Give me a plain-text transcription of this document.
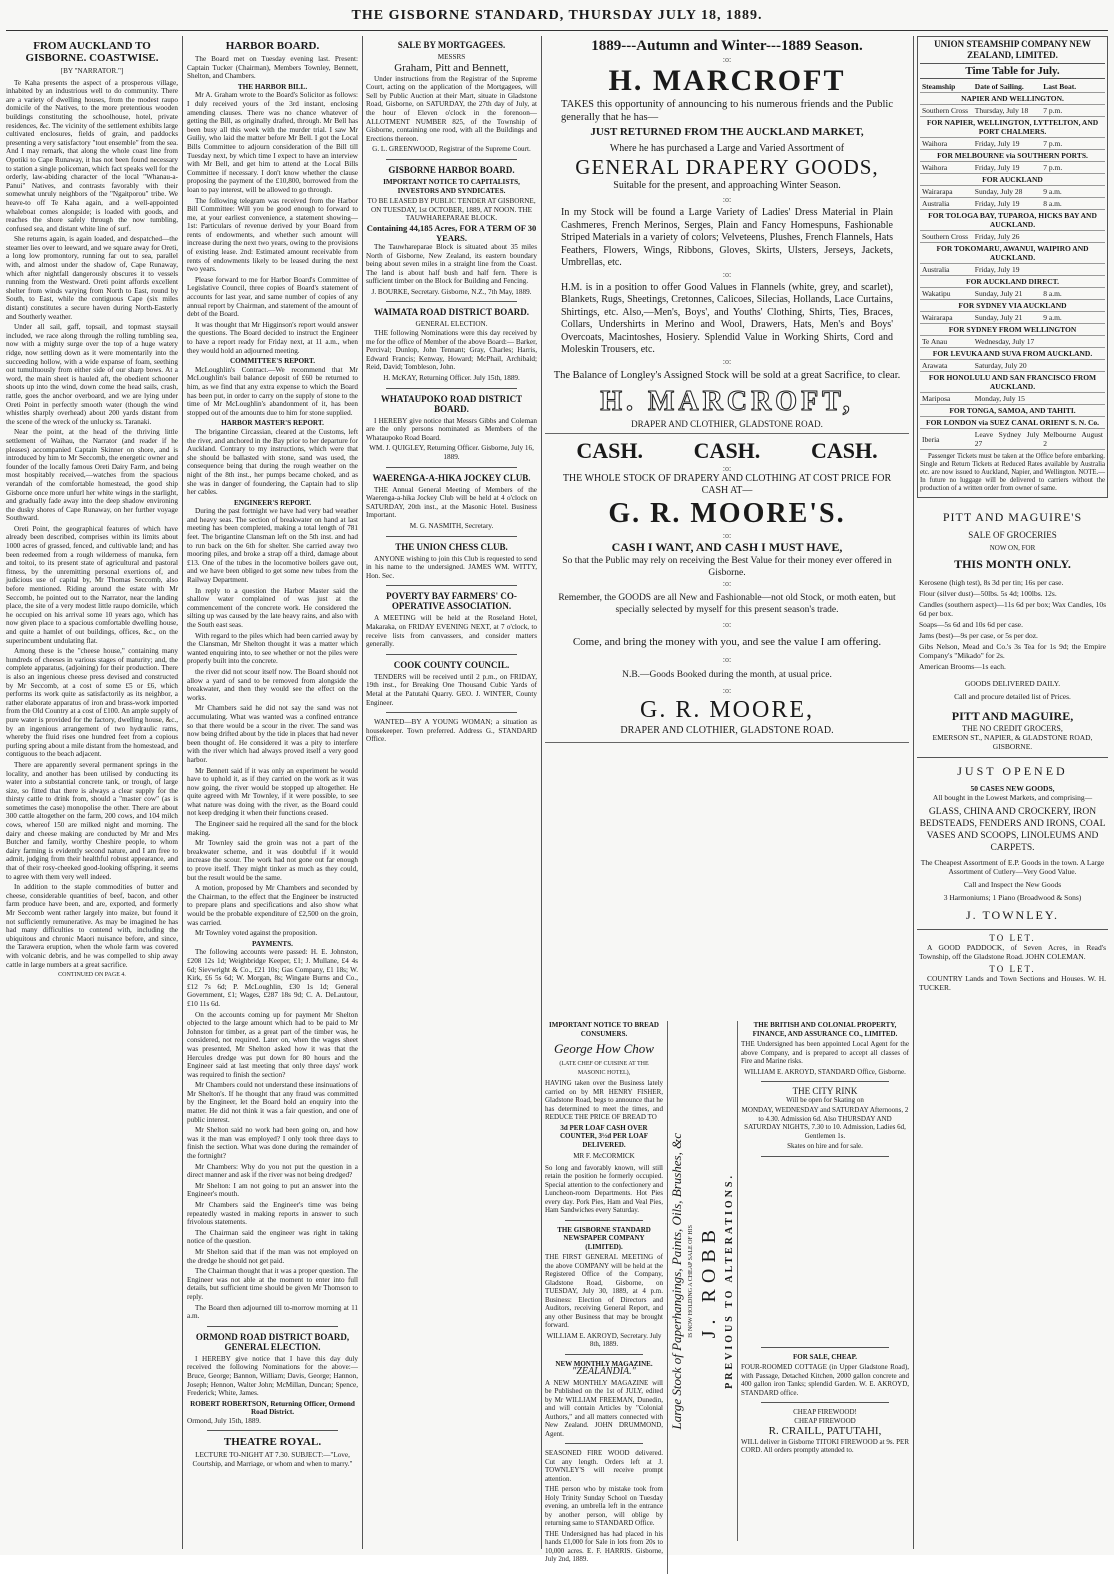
THE GISBORNE STANDARD, THURSDAY JULY 18, 1889.
FROM AUCKLAND TO GISBORNE. COASTWISE.
[BY "NARRATOR."]

Te Kaha presents the aspect of a prosperous village, inhabited by an industrious well to do community. There are a variety of dwelling houses, from the modest raupo domicile of the Natives, to the more pretentious wooden buildings constituting the schoolhouse, hotel, private residences, &c. The vicinity of the settlement exhibits large cultivated enclosures, fields of grain, and paddocks presenting a very satisfactory "tout ensemble" from the sea. And I may remark, that along the whole coast line from Opotiki to Cape Runaway, it has not been found necessary to station a single policeman, which fact speaks well for the orderly, law-abiding character of the local "Whanau-a-Panui" Natives, and contrasts favorably with their somewhat unruly neighbors of the "Ngaitporou" tribe. We heave-to off Te Kaha again, and a well-appointed whaleboat comes alongside; is loaded with goods, and reaches the shore safely through the now tumbling, confused sea, and distant white line of surf.

She returns again, is again loaded, and despatched—the steamer lies over to leeward, and we square away for Oreti, a long low promontory, running far out to sea, parallel with, and almost under the shadow of, Cape Runaway, which after nightfall dangerously obscures it to vessels running from the Westward. Oreti point affords excellent shelter from winds varying from North to East, round by South, to East, while the contiguous Cape (six miles distant) constitutes a secure haven during North-Easterly and Southerly weather.

Under all sail, gaff, topsail, and topmast staysail included, we race along through the rolling tumbling sea, now with a mighty surge over the top of a huge watery ridge, now settling down as it were momentarily into the succeeding hollow, with a wide expanse of foam, seething out tumultuously from either side of our sharp bows. At a word, the main sheet is hauled aft, the obedient schooner shoots up into the wind, down come the head sails, crash, rattle, goes the anchor overboard, and we are lying under Oreti Point in perfectly smooth water (though the wind whistles sharply overhead) about 200 yards distant from the scene of the wreck of the unlucky ss. Taranaki.

Near the point, at the head of the thriving little settlement of Waihau, the Narrator (and reader if he pleases) accompanied Captain Skinner on shore, and is introduced by him to Mr Seccomb, the energetic owner and founder of the locally famous Oreti Dairy Farm, and being most hospitably received,—watches from the spacious verandah of the comfortable homestead, the good ship Gisborne once more unfurl her white wings in the starlight, and gradually fade away into the deep shadow environing the dusky shores of Cape Runaway, on her further voyage Southward.

Oreti Point, the geographical features of which have already been described, comprises within its limits about 1000 acres of grassed, fenced, and cultivable land; and has been redeemed from a rough wilderness of manuka, fern and toitoi, to its present state of agricultural and pastoral fitness, by the unremitting personal exertions of, and judicious use of capital by, Mr Thomas Seccomb, also before mentioned. Riding around the estate with Mr Seccomb, he pointed out to the Narrator, near the landing place, the site of a very modest little raupo domicile, which he occupied on his arrival some 10 years ago, which has now given place to a spacious comfortable dwelling house, and quite a hamlet of out buildings, offices, &c., on the superincumbent undulating flat.

Among these is the "cheese house," containing many hundreds of cheeses in various stages of maturity; and, the complete apparatus, (adjoining) for their production. There is also an ingenious cheese press devised and constructed by Mr Seccomb, at a cost of some £5 or £6, which performs its work quite as satisfactorily as its neighbor, a rather elaborate apparatus of iron and brass-work imported from the Old Country at a cost of £100. An ample supply of pure water is provided for the factory, dwelling house, &c., by an ingenious arrangement of two hydraulic rams, whereby the fluid rises one hundred feet from a copious purling spring about a mile distant from the homestead, and contiguous to the beach adjacent.

There are apparently several permanent springs in the locality, and another has been utilised by conducting its water into a substantial concrete tank, or trough, of large size, so fitted that there is always a clear supply for the thirsty cattle to drink from, should a "master cow" (as is sometimes the case) monopolise the other. There are about 300 cattle altogether on the farm, 200 cows, and 104 milch cows, whereof 150 are milked night and morning. The dairy and cheese making are conducted by Mr and Mrs Butcher and family, worthy Cheshire people, to whom dairy farming is evidently second nature, and I am free to admit, judging from their healthful robust appearance, and that of their rosy-cheeked good-looking offspring, it seems to agree with them very well indeed.

In addition to the staple commodities of butter and cheese, considerable quantities of beef, bacon, and other farm produce have been, and are, exported, and formerly Mr Seccomb went rather largely into maize, but found it not sufficiently remunerative. As may be imagined he has had many difficulties to contend with, including the ubiquitous and chronic Maori nuisance before, and since, the Tarawera eruption, when the whole farm was covered with volcanic debris, and he was compelled to ship away cattle in large numbers at a great sacrifice.

CONTINUED ON PAGE 4.
HARBOR BOARD.

The Board met on Tuesday evening last. Present: Captain Tucker (Chairman), Members Townley, Bennett, Shelton, and Chambers.

THE HARBOR BILL.

Mr A. Graham wrote to the Board's Solicitor as follows: I duly received yours of the 3rd instant, enclosing amending clauses. There was no chance whatever of getting the Bill, as originally drafted, through. Mr Bell has been busy all this week with the murder trial. I saw Mr Guiliy, who laid the matter before Mr Bell. I got the Local Bills Committee to adjourn consideration of the Bill till Tuesday next, by which time I expect to have an interview with Mr Bell, and get him to attend at the Local Bills Committee if necessary. I don't know whether the clause proposing the payment of the £10,800, borrowed from the loan to pay interest, will be allowed to go through.

The following telegram was received from the Harbor Bill Committee: Will you be good enough to forward to me, at your earliest convenience, a statement showing—1st: Particulars of revenue derived by your Board from rents of endowments, and whether such amount will increase during the next two years, owing to the provisions of existing lease. 2nd: Estimated amount receivable from rents of endowments likely to be leased during the next two years.

Please forward to me for Harbor Board's Committee of Legislative Council, three copies of Board's statement of accounts for last year, and same number of copies of any annual report by Chairman, and statement of the amount of debt of the Board.

It was thought that Mr Higginson's report would answer the questions. The Board decided to instruct the Engineer to have a report ready for Friday next, at 11 a.m., when they would hold an adjourned meeting.

COMMITTEE'S REPORT.

McLoughlin's Contract.—We recommend that Mr McLoughlin's bail balance deposit of £60 be returned to him, as we find that any extra expense to which the Board has been put, in order to carry on the supply of stone to the time of Mr McLoughlin's abandonment of it, has been stopped out of the amounts due to him for stone supplied.

HARBOR MASTER'S REPORT.

The brigantine Circassian, cleared at the Customs, left the river, and anchored in the Bay prior to her departure for Auckland. Contrary to my instructions, which were that she should be ballasted with stone, sand was used, the consequence being that during the rough weather on the night of the 8th inst., her pumps became choked, and as she was in danger of foundering, the Captain had to slip her cables.

ENGINEER'S REPORT.

During the past fortnight we have had very bad weather and heavy seas. The section of breakwater on hand at last meeting has been completed, making a total length of 781 feet. The brigantine Clansman left on the 5th inst. and had to run back on the 6th for shelter. She carried away two mooring piles, and broke a strap off a third, damage about £13. One of the tubes in the locomotive boilers gave out, and we have been obliged to get some new tubes from the Railway Department.

In reply to a question the Harbor Master said the shallow water complained of was just at the commencement of the concrete work. He considered the silting up was caused by the late heavy rains, and also with the South east seas.

With regard to the piles which had been carried away by the Clansman, Mr Shelton thought it was a matter which wanted enquiring into, to see whether or not the piles were properly built into the concrete.

the river did not scour itself now. The Board should not allow a yard of sand to be removed from alongside the breakwater, and then they would see the effect on the works.

Mr Chambers said he did not say the sand was not accumulating. What was wanted was a confined entrance so that there would be a scour in the river. The sand was now being drifted about by the tide in places that had never been thought of. He considered it was a pity to interfere with the river which had always proved itself a very good harbor.

Mr Bennett said if it was only an experiment he would have to uphold it, as if they carried on the work as it was now going, the river would be stopped up altogether. He quite agreed with Mr Townley, if it were possible, to see what nature was doing with the river, as the Board could not keep dredging it when their functions ceased.

The Engineer said he required all the sand for the block making.

Mr Townley said the groin was not a part of the breakwater scheme, and it was doubtful if it would increase the scour. The work had not gone out far enough to prove itself. They might tinker as much as they could, but the result would be the same.

A motion, proposed by Mr Chambers and seconded by the Chairman, to the effect that the Engineer be instructed to prepare plans and specifications and also show what would be the probable expenditure of £2,500 on the groin, was carried.

Mr Townley voted against the proposition.

PAYMENTS.

The following accounts were passed: H. E. Johnston, £208 12s 1d; Weighbridge Keeper, £1; J. Mullane, £4 4s 6d; Sievwright & Co., £21 10s; Gas Company, £1 18s; W. Kirk, £6 5s 6d; W. Morgan, 8s; Wingate Burns and Co., £12 7s 6d; P. McLoughlin, £30 1s 1d; General Government, £1; Wages, £287 18s 9d; C. A. DeLautour, £10 11s 6d.

On the accounts coming up for payment Mr Shelton objected to the large amount which had to be paid to Mr Johnston for timber, as a great part of the timber was, he considered, not required. Later on, when the wages sheet was presented, Mr Shelton asked how it was that the Hercules dredge was put down for 80 hours and the Engineer said at last meeting that only three days' work was required to finish the section?

Mr Chambers could not understand these insinuations of Mr Shelton's. If he thought that any fraud was committed by the Engineer, let the Board hold an enquiry into the matter. He did not think it was a fair question, and one of public interest.

Mr Shelton said no work had been going on, and how was it the man was employed? I only took three days to finish the section. What was done during the remainder of the fortnight?

Mr Chambers: Why do you not put the question in a direct manner and ask if the river was not being dredged?

Mr Shelton: I am not going to put an answer into the Engineer's mouth.

Mr Chambers said the Engineer's time was being repeatedly wasted in making reports in answer to such frivolous statements.

The Chairman said the engineer was right in taking notice of the question.

Mr Shelton said that if the man was not employed on the dredge he should not get paid.

The Chairman thought that it was a proper question. The Engineer was not able at the moment to enter into full details, but sufficient time should be given Mr Thomson to reply.

The Board then adjourned till to-morrow morning at 11 a.m.

ORMOND ROAD DISTRICT BOARD, GENERAL ELECTION.

I HEREBY give notice that I have this day duly received the following Nominations for the above:— Bruce, George; Bannon, William; Davis, George; Hannon, Joseph; Hennon, Walter John; McMillan, Duncan; Spence, Frederick; White, James.

ROBERT ROBERTSON, Returning Officer, Ormond Road District.
Ormond, July 15th, 1889.
THEATRE ROYAL.
LECTURE TO-NIGHT AT 7.30. SUBJECT:—"Love, Courtship, and Marriage, or whom and when to marry."
SALE BY MORTGAGEES.
MESSRS
Graham, Pitt and Bennett,

Under instructions from the Registrar of the Supreme Court, acting on the application of the Mortgagees, will Sell by Public Auction at their Mart, situate in Gladstone Road, Gisborne, on SATURDAY, the 27th day of July, at the hour of Eleven o'clock in the forenoon— ALLOTMENT NUMBER 825, of the Township of Gisborne, containing one rood, with all the Buildings and Erections thereon.

G. L. GREENWOOD, Registrar of the Supreme Court.
GISBORNE HARBOR BOARD.
IMPORTANT NOTICE TO CAPITALISTS, INVESTORS AND SYNDICATES.
TO BE LEASED BY PUBLIC TENDER AT GISBORNE, ON TUESDAY, 1st OCTOBER, 1889, AT NOON. THE TAUWHAREPARAE BLOCK.
Containing 44,185 Acres, FOR A TERM OF 30 YEARS.

The Tauwhareparae Block is situated about 35 miles North of Gisborne, New Zealand, its eastern boundary being about seven miles in a straight line from the Coast. The land is about half bush and half fern. There is sufficient timber on the Block for Building and Fencing.

J. BOURKE, Secretary. Gisborne, N.Z., 7th May, 1889.
WAIMATA ROAD DISTRICT BOARD.
GENERAL ELECTION.

THE following Nominations were this day received by me for the office of Member of the above Board:— Barker, Percival; Dunlop, John Tennant; Gray, Charles; Harris, Edward Francis; Kenway, Howard; McPhail, Archibald; Reid, David; Tombleson, John.

H. McKAY, Returning Officer. July 15th, 1889.
WHATAUPOKO ROAD DISTRICT BOARD.

I HEREBY give notice that Messrs Gibbs and Coleman are the only persons nominated as Members of the Whataupoko Road Board.

WM. J. QUIGLEY, Returning Officer. Gisborne, July 16, 1889.
WAERENGA-A-HIKA JOCKEY CLUB.

THE Annual General Meeting of Members of the Waerenga-a-hika Jockey Club will be held at 4 o'clock on SATURDAY, 20th inst., at the Masonic Hotel. Business Important.

M. G. NASMITH, Secretary.
THE UNION CHESS CLUB.

ANYONE wishing to join this Club is requested to send in his name to the undersigned. JAMES WM. WITTY, Hon. Sec.

POVERTY BAY FARMERS' CO-OPERATIVE ASSOCIATION.

A MEETING will be held at the Roseland Hotel, Makaraka, on FRIDAY EVENING NEXT, at 7 o'clock, to receive lists from canvassers, and consider matters generally.

COOK COUNTY COUNCIL.

TENDERS will be received until 2 p.m., on FRIDAY, 19th inst., for Breaking One Thousand Cubic Yards of Metal at the Patutahi Quarry. GEO. J. WINTER, County Engineer.

WANTED—BY A YOUNG WOMAN; a situation as housekeeper. Town preferred. Address G., STANDARD Office.

UNION STEAMSHIP COMPANY NEW ZEALAND, LIMITED.
Time Table for July.
Steamship	Date of Sailing.	Last Boat.
NAPIER AND WELLINGTON.		
Southern Cross	Thursday, July 18	7 p.m.
FOR NAPIER, WELLINGTON, LYTTELTON, AND PORT CHALMERS.		
Waihora	Friday, July 19	7 p.m.
FOR MELBOURNE via SOUTHERN PORTS.		
Waihora	Friday, July 19	7 p.m.
FOR AUCKLAND		
Wairarapa	Sunday, July 28	9 a.m.
Australia	Friday, July 19	8 a.m.
FOR TOLOGA BAY, TUPAROA, HICKS BAY AND AUCKLAND.		
Southern Cross	Friday, July 26	
FOR TOKOMARU, AWANUI, WAIPIRO AND AUCKLAND.		
Australia	Friday, July 19	
FOR AUCKLAND DIRECT.		
Wakatipu	Sunday, July 21	8 a.m.
FOR SYDNEY VIA AUCKLAND		
Wairarapa	Sunday, July 21	9 a.m.
FOR SYDNEY FROM WELLINGTON		
Te Anau	Wednesday, July 17	
FOR LEVUKA AND SUVA FROM AUCKLAND.		
Arawata	Saturday, July 20	
FOR HONOLULU AND SAN FRANCISCO FROM AUCKLAND.		
Mariposa	Monday, July 15	
FOR TONGA, SAMOA, AND TAHITI.		
FOR LONDON via SUEZ CANAL ORIENT S. N. Co.		
Iberia	Leave Sydney July 27	Melbourne August 2

Passenger Tickets must be taken at the Office before embarking. Single and Return Tickets at Reduced Rates available by Australia etc. are now issued to Auckland, Napier, and Wellington. NOTE.—In future no luggage will be delivered to carriers without the production of a written order from owner of same.

PITT AND MAGUIRE'S
SALE OF GROCERIES
NOW ON, FOR
THIS MONTH ONLY.
Kerosene (high test), 8s 3d per tin; 16s per case.
Flour (silver dust)—50lbs. 5s 4d; 100lbs. 12s.
Candles (southern aspect)—11s 6d per box; Wax Candles, 10s 6d per box.
Soaps—5s 6d and 10s 6d per case.
Jams (best)—9s per case, or 5s per doz.
Gibs Nelson, Mead and Co.'s 3s Tea for 1s 9d; the Empire Company's "Mikado" for 2s.
American Brooms—1s each.
GOODS DELIVERED DAILY.
Call and procure detailed list of Prices.
PITT AND MAGUIRE,
THE NO CREDIT GROCERS,
EMERSON ST., NAPIER, & GLADSTONE ROAD, GISBORNE.
JUST OPENED
50 CASES NEW GOODS,
All bought in the Lowest Markets, and comprising—
GLASS, CHINA AND CROCKERY, IRON BEDSTEADS, FENDERS AND IRONS, COAL VASES AND SCOOPS, LINOLEUMS AND CARPETS.
The Cheapest Assortment of E.P. Goods in the town. A Large Assortment of Cutlery—Very Good Value.
Call and Inspect the New Goods
3 Harmoniums; 1 Piano (Broadwood & Sons)
J. TOWNLEY.
TO LET.

A GOOD PADDOCK, of Seven Acres, in Read's Township, off the Gladstone Road. JOHN COLEMAN.

TO LET.

COUNTRY Lands and Town Sections and Houses. W. H. TUCKER.

1889---Autumn and Winter---1889 Season.
:o:
H. MARCROFT
TAKES this opportunity of announcing to his numerous friends and the Public generally that he has—
JUST RETURNED FROM THE AUCKLAND MARKET,
Where he has purchased a Large and Varied Assortment of
GENERAL DRAPERY GOODS,
Suitable for the present, and approaching Winter Season.
:o:
In my Stock will be found a Large Variety of Ladies' Dress Material in Plain Cashmeres, French Merinos, Serges, Plain and Fancy Homespuns, Fashionable Striped Materials in a variety of colors; Velveteens, Plushes, French Flannels, Hats Feathers, Flowers, Wings, Ribbons, Gloves, Skirts, Ulsters, Jerseys, Jackets, Umbrellas, etc.
:o:
H.M. is in a position to offer Good Values in Flannels (white, grey, and scarlet), Blankets, Rugs, Sheetings, Cretonnes, Calicoes, Silecias, Hollands, Lace Curtains, Shirtings, etc. Also,—Men's, Boys', and Youths' Clothing, Shirts, Ties, Braces, Collars, Undershirts in Merino and Wool, Drawers, Hats, Men's and Boys' Overcoats, Macintoshes, Hosiery. Splendid Value in Working Shirts, Cord and Moleskin Trousers, etc.
:o:
The Balance of Longley's Assigned Stock will be sold at a great Sacrifice, to clear.
H. MARCROFT,
DRAPER AND CLOTHIER, GLADSTONE ROAD.
CASH. CASH. CASH.
:o:
THE WHOLE STOCK OF DRAPERY AND CLOTHING AT COST PRICE FOR CASH AT—
G. R. MOORE'S.
:o:
CASH I WANT, AND CASH I MUST HAVE,
So that the Public may rely on receiving the Best Value for their money ever offered in Gisborne.
:o:
Remember, the GOODS are all New and Fashionable—not old Stock, or moth eaten, but specially selected by myself for this present season's trade.
:o:
Come, and bring the money with you, and see the value I am offering.
:o:
N.B.—Goods Booked during the month, at usual price.
:o:
G. R. MOORE,
DRAPER AND CLOTHIER, GLADSTONE ROAD.
IMPORTANT NOTICE TO BREAD CONSUMERS.
George How Chow
(LATE CHEF OF CUISINE AT THE MASONIC HOTEL),

HAVING taken over the Business lately carried on by MR HENRY FISHER, Gladstone Road, begs to announce that he has determined to meet the times, and REDUCE THE PRICE OF BREAD TO

3d PER LOAF CASH OVER COUNTER, 3½d PER LOAF DELIVERED.
MR F. McCORMICK

So long and favorably known, will still retain the position he formerly occupied. Special attention to the confectionery and Luncheon-room Departments. Hot Pies every day. Pork Pies, Ham and Veal Pies, Ham Sandwiches every Saturday.

THE GISBORNE STANDARD NEWSPAPER COMPANY (LIMITED).

THE FIRST GENERAL MEETING of the above COMPANY will be held at the Registered Office of the Company, Gladstone Road, Gisborne, on TUESDAY, July 30, 1889, at 4 p.m. Business: Election of Directors and Auditors, receiving General Report, and any other Business that may be brought forward.

WILLIAM E. AKROYD, Secretary. July 8th, 1889.
NEW MONTHLY MAGAZINE.
"ZEALANDIA."

A NEW MONTHLY MAGAZINE will be Published on the 1st of JULY, edited by Mr WILLIAM FREEMAN, Dunedin, and will contain Articles by "Colonial Authors," and all matters connected with New Zealand. JOHN DRUMMOND, Agent.

SEASONED FIRE WOOD delivered. Cut any length. Orders left at J. TOWNLEY'S will receive prompt attention.

THE person who by mistake took from Holy Trinity Sunday School on Tuesday evening, an umbrella left in the entrance by another person, will oblige by returning same to STANDARD Office.

THE Undersigned has had placed in his hands £1,000 for Sale in lots from 20s to 10,000 acres. E. F. HARRIS. Gisborne, July 2nd, 1889.

PREVIOUS TO ALTERATIONS.
J. ROBB
IS NOW HOLDING A CHEAP SALE OF HIS
Large Stock of Paperhangings, Paints, Oils, Brushes, &c
THE BRITISH AND COLONIAL PROPERTY, FINANCE, AND ASSURANCE CO., LIMITED.

THE Undersigned has been appointed Local Agent for the above Company, and is prepared to accept all classes of Fire and Marine risks.

WILLIAM E. AKROYD, STANDARD Office, Gisborne.
THE CITY RINK
Will be open for Skating on
MONDAY, WEDNESDAY and SATURDAY Afternoons, 2 to 4.30. Admission 6d. Also THURSDAY AND SATURDAY NIGHTS, 7.30 to 10. Admission, Ladies 6d, Gentlemen 1s.
Skates on hire and for sale.
FOR SALE, CHEAP.

FOUR-ROOMED COTTAGE (in Upper Gladstone Road), with Passage, Detached Kitchen, 2000 gallon concrete and 400 gallon iron Tanks; splendid Garden. W. E. AKROYD, STANDARD office.

CHEAP FIREWOOD!
CHEAP FIREWOOD
R. CRAILL, PATUTAHI,

WILL deliver in Gisborne TITOKI FIREWOOD at 9s. PER CORD. All orders promptly attended to.
